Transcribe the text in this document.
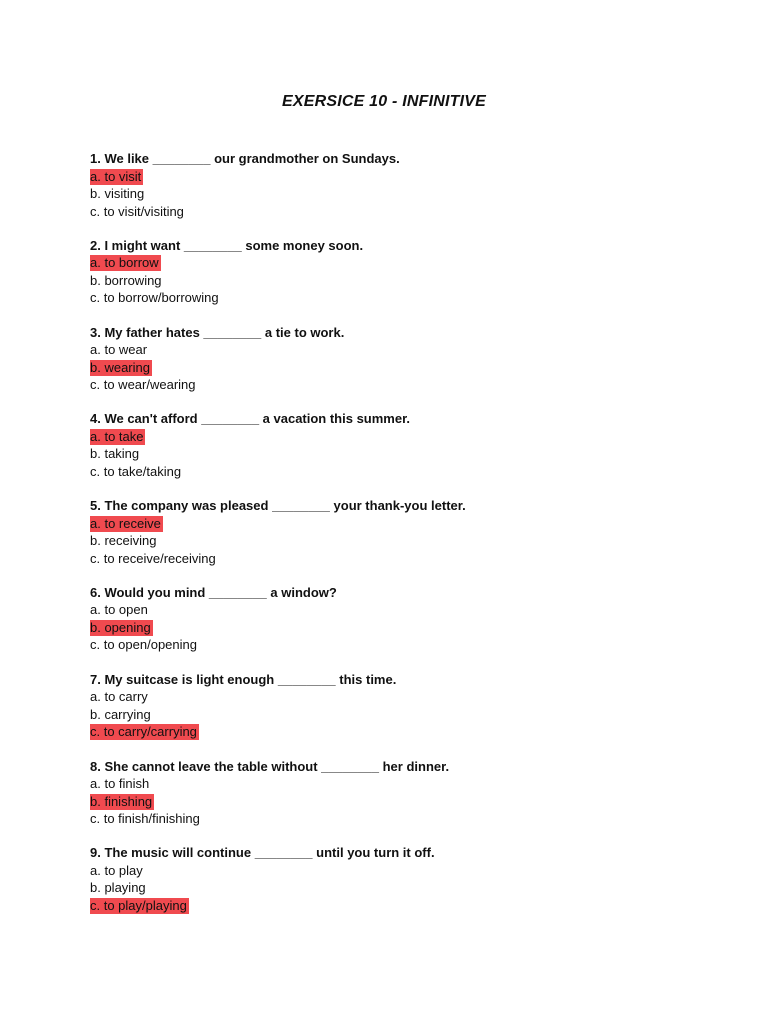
EXERSICE 10 - INFINITIVE
1. We like ________ our grandmother on Sundays.
a. to visit
b. visiting
c. to visit/visiting
2. I might want ________ some money soon.
a. to borrow
b. borrowing
c. to borrow/borrowing
3. My father hates ________ a tie to work.
a. to wear
b. wearing
c. to wear/wearing
4. We can't afford ________ a vacation this summer.
a. to take
b. taking
c. to take/taking
5. The company was pleased ________ your thank-you letter.
a. to receive
b. receiving
c. to receive/receiving
6. Would you mind ________ a window?
a. to open
b. opening
c. to open/opening
7. My suitcase is light enough ________ this time.
a. to carry
b. carrying
c. to carry/carrying
8. She cannot leave the table without ________ her dinner.
a. to finish
b. finishing
c. to finish/finishing
9. The music will continue ________ until you turn it off.
a. to play
b. playing
c. to play/playing
